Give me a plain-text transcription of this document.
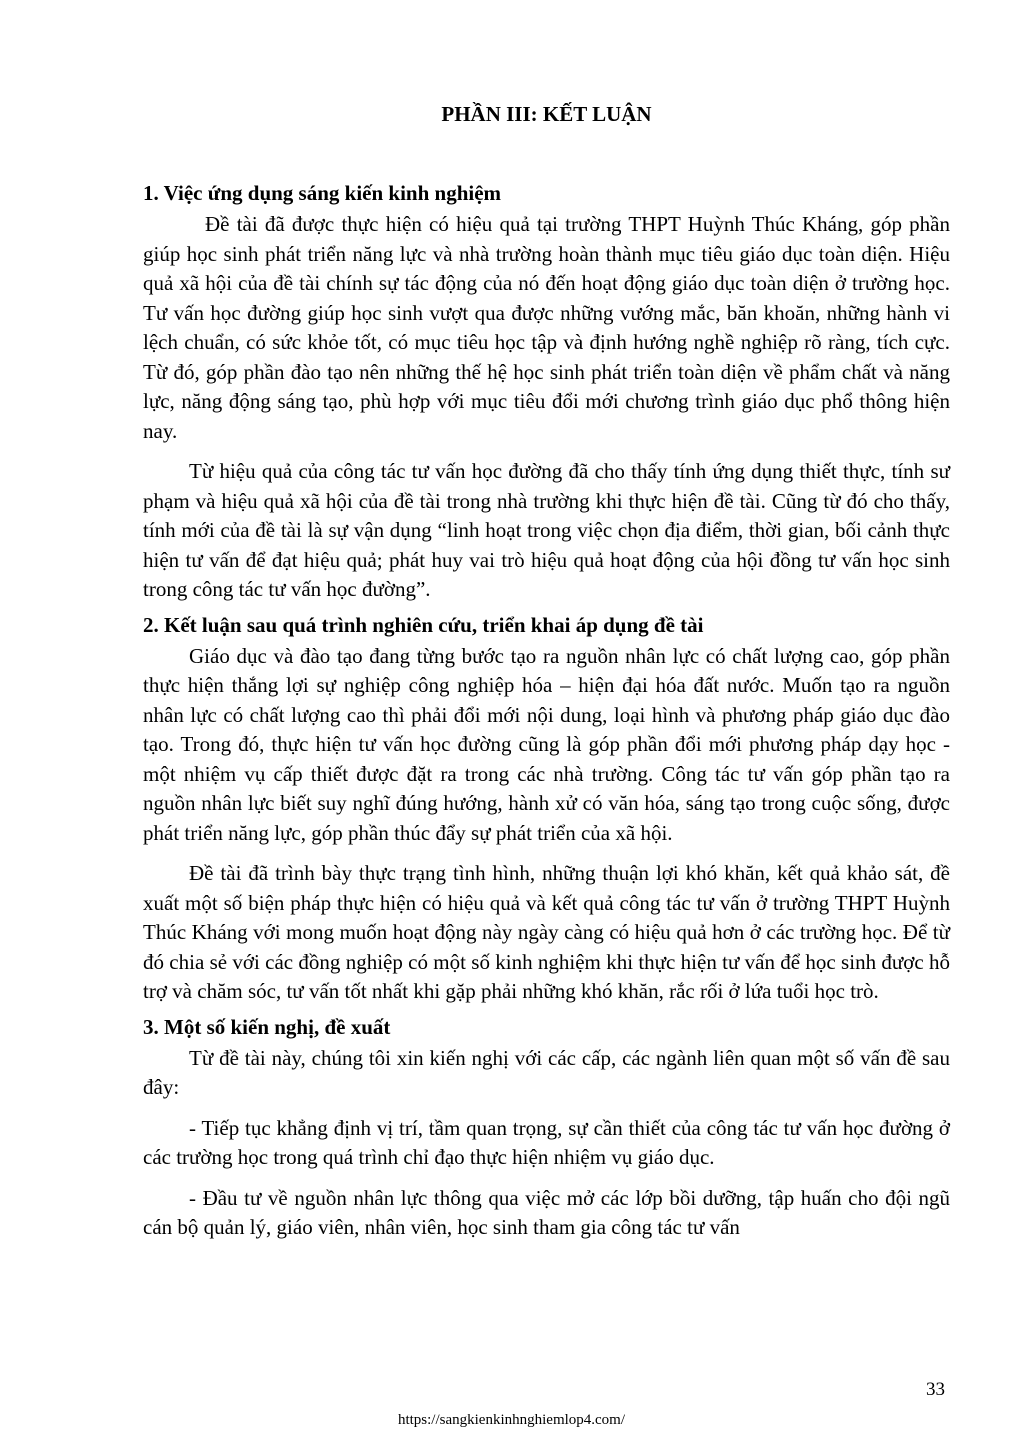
PHẦN III: KẾT LUẬN
1. Việc ứng dụng sáng kiến kinh nghiệm

Đề tài đã được thực hiện có hiệu quả tại trường THPT Huỳnh Thúc Kháng, góp phần giúp học sinh phát triển năng lực và nhà trường hoàn thành mục tiêu giáo dục toàn diện. Hiệu quả xã hội của đề tài chính sự tác động của nó đến hoạt động giáo dục toàn diện ở trường học. Tư vấn học đường giúp học sinh vượt qua được những vướng mắc, băn khoăn, những hành vi lệch chuẩn, có sức khỏe tốt, có mục tiêu học tập và định hướng nghề nghiệp rõ ràng, tích cực. Từ đó, góp phần đào tạo nên những thế hệ học sinh phát triển toàn diện về phẩm chất và năng lực, năng động sáng tạo, phù hợp với mục tiêu đổi mới chương trình giáo dục phổ thông hiện nay.

Từ hiệu quả của công tác tư vấn học đường đã cho thấy tính ứng dụng thiết thực, tính sư phạm và hiệu quả xã hội của đề tài trong nhà trường khi thực hiện đề tài. Cũng từ đó cho thấy, tính mới của đề tài là sự vận dụng “linh hoạt trong việc chọn địa điểm, thời gian, bối cảnh thực hiện tư vấn để đạt hiệu quả; phát huy vai trò hiệu quả hoạt động của hội đồng tư vấn học sinh trong công tác tư vấn học đường”.

2. Kết luận sau quá trình nghiên cứu, triển khai áp dụng đề tài

Giáo dục và đào tạo đang từng bước tạo ra nguồn nhân lực có chất lượng cao, góp phần thực hiện thắng lợi sự nghiệp công nghiệp hóa – hiện đại hóa đất nước. Muốn tạo ra nguồn nhân lực có chất lượng cao thì phải đổi mới nội dung, loại hình và phương pháp giáo dục đào tạo. Trong đó, thực hiện tư vấn học đường cũng là góp phần đổi mới phương pháp dạy học - một nhiệm vụ cấp thiết được đặt ra trong các nhà trường. Công tác tư vấn góp phần tạo ra nguồn nhân lực biết suy nghĩ đúng hướng, hành xử có văn hóa, sáng tạo trong cuộc sống, được phát triển năng lực, góp phần thúc đẩy sự phát triển của xã hội.

Đề tài đã trình bày thực trạng tình hình, những thuận lợi khó khăn, kết quả khảo sát, đề xuất một số biện pháp thực hiện có hiệu quả và kết quả công tác tư vấn ở trường THPT Huỳnh Thúc Kháng với mong muốn hoạt động này ngày càng có hiệu quả hơn ở các trường học. Để từ đó chia sẻ với các đồng nghiệp có một số kinh nghiệm khi thực hiện tư vấn để học sinh được hỗ trợ và chăm sóc, tư vấn tốt nhất khi gặp phải những khó khăn, rắc rối ở lứa tuổi học trò.

3. Một số kiến nghị, đề xuất

Từ đề tài này, chúng tôi xin kiến nghị với các cấp, các ngành liên quan một số vấn đề sau đây:

- Tiếp tục khẳng định vị trí, tầm quan trọng, sự cần thiết của công tác tư vấn học đường ở các trường học trong quá trình chỉ đạo thực hiện nhiệm vụ giáo dục.

- Đầu tư về nguồn nhân lực thông qua việc mở các lớp bồi dưỡng, tập huấn cho đội ngũ cán bộ quản lý, giáo viên, nhân viên, học sinh tham gia công tác tư vấn

33

https://sangkienkinhnghiemlop4.com/
